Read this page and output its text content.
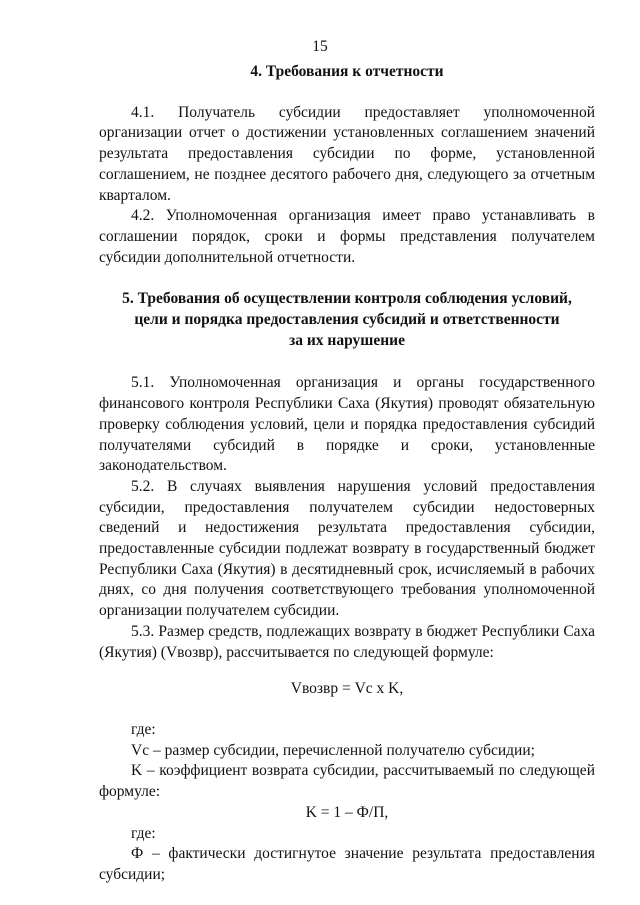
15
4. Требования к отчетности
4.1. Получатель субсидии предоставляет уполномоченной организации отчет о достижении установленных соглашением значений результата предоставления субсидии по форме, установленной соглашением, не позднее десятого рабочего дня, следующего за отчетным кварталом.
4.2. Уполномоченная организация имеет право устанавливать в соглашении порядок, сроки и формы представления получателем субсидии дополнительной отчетности.
5. Требования об осуществлении контроля соблюдения условий,
цели и порядка предоставления субсидий и ответственности
за их нарушение
5.1. Уполномоченная организация и органы государственного финансового контроля Республики Саха (Якутия) проводят обязательную проверку соблюдения условий, цели и порядка предоставления субсидий получателями субсидий в порядке и сроки, установленные законодательством.
5.2. В случаях выявления нарушения условий предоставления субсидии, предоставления получателем субсидии недостоверных сведений и недостижения результата предоставления субсидии, предоставленные субсидии подлежат возврату в государственный бюджет Республики Саха (Якутия) в десятидневный срок, исчисляемый в рабочих днях, со дня получения соответствующего требования уполномоченной организации получателем субсидии.
5.3. Размер средств, подлежащих возврату в бюджет Республики Саха (Якутия) (Vвозвр), рассчитывается по следующей формуле:
Vвозвр = Vc x K,
где:
Vc – размер субсидии, перечисленной получателю субсидии;
K – коэффициент возврата субсидии, рассчитываемый по следующей формуле:
K = 1 – Ф/П,
где:
Ф – фактически достигнутое значение результата предоставления субсидии;
